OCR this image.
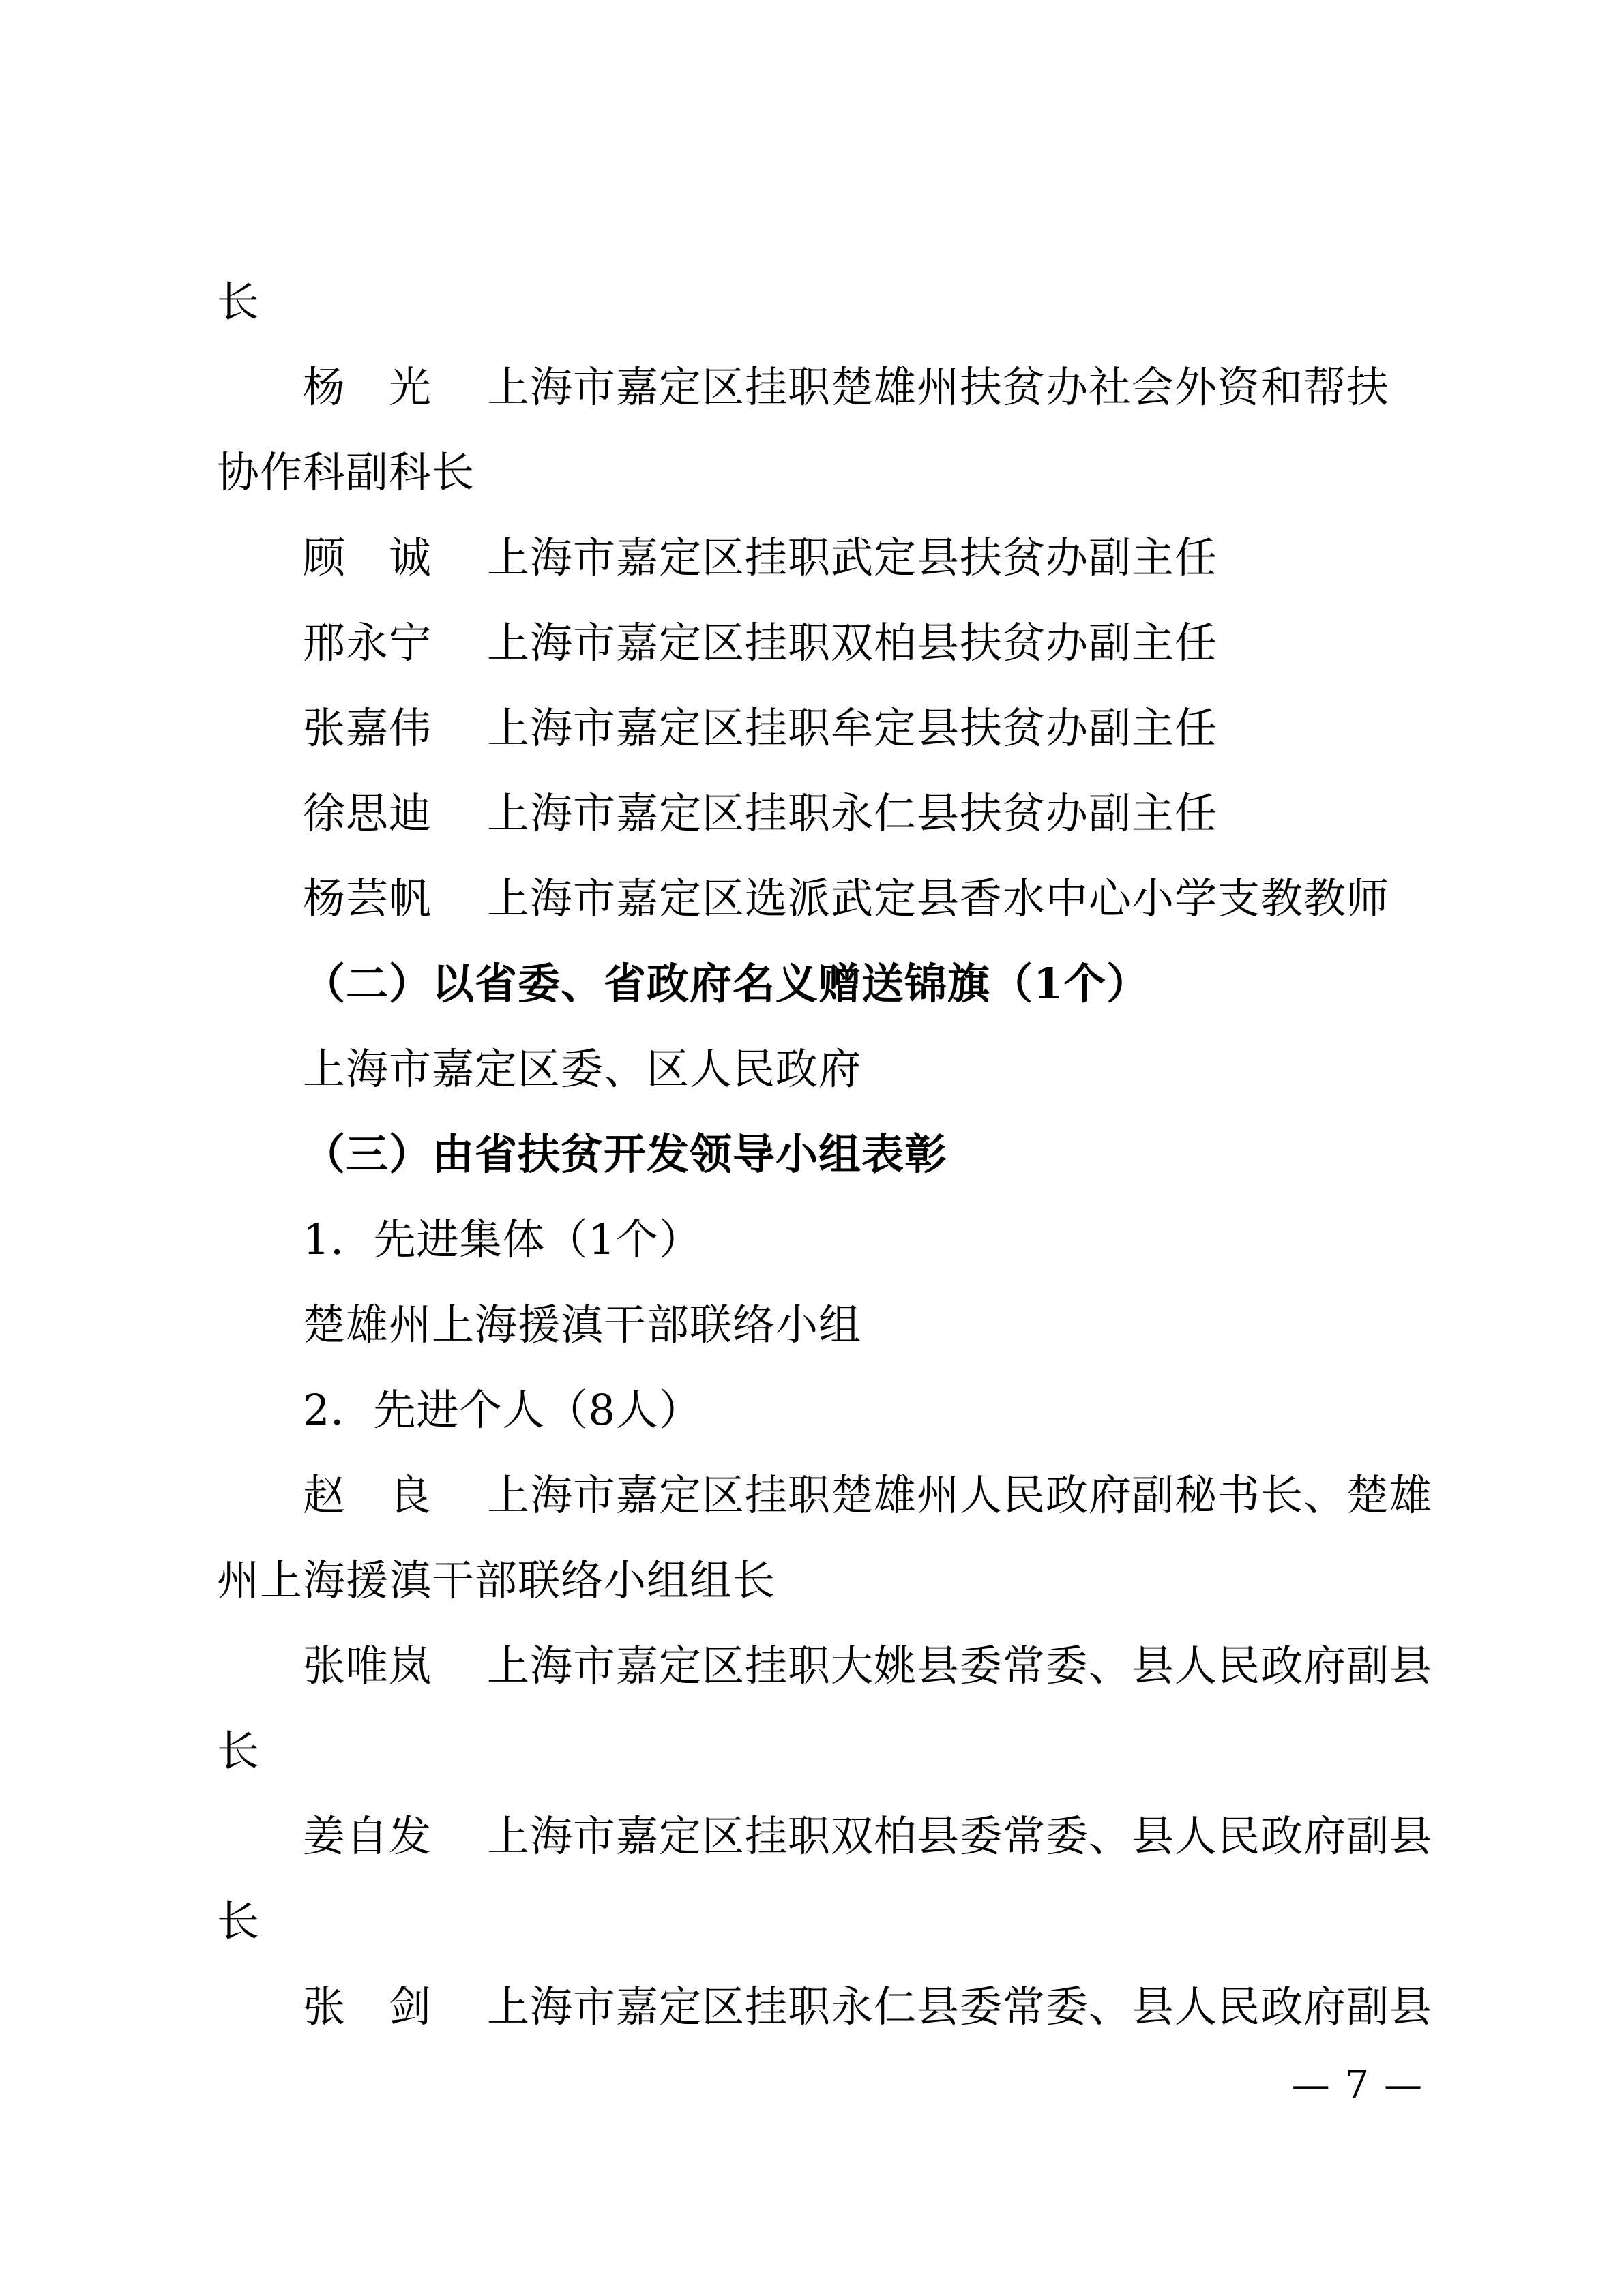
长
杨　光 上海市嘉定区挂职楚雄州扶贫办社会外资和帮扶
协作科副科长
顾　诚 上海市嘉定区挂职武定县扶贫办副主任
邢永宁 上海市嘉定区挂职双柏县扶贫办副主任
张嘉伟 上海市嘉定区挂职牟定县扶贫办副主任
徐思迪 上海市嘉定区挂职永仁县扶贫办副主任
杨芸帆 上海市嘉定区选派武定县香水中心小学支教教师
（二）以省委、省政府名义赠送锦旗（1个）
上海市嘉定区委、区人民政府
（三）由省扶贫开发领导小组表彰
1．先进集体（1个）
楚雄州上海援滇干部联络小组
2．先进个人（8人）
赵　良 上海市嘉定区挂职楚雄州人民政府副秘书长、楚雄
州上海援滇干部联络小组组长
张唯岚 上海市嘉定区挂职大姚县委常委、县人民政府副县
长
姜自发 上海市嘉定区挂职双柏县委常委、县人民政府副县
长
张　剑 上海市嘉定区挂职永仁县委常委、县人民政府副县
— 7 —
